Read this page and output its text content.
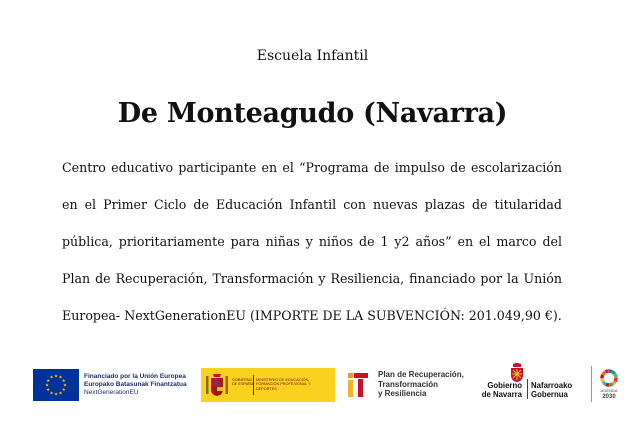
Escuela Infantil
De Monteagudo (Navarra)
Centro educativo participante en el “Programa de impulso de escolarización en el Primer Ciclo de Educación Infantil con nuevas plazas de titularidad pública, prioritariamente para niñas y niños de 1 y2 años” en el marco del Plan de Recuperación, Transformación y Resiliencia, financiado por la Unión Europea- NextGenerationEU (IMPORTE DE LA SUBVENCIÓN: 201.049,90 €).
★ ★
★
★
★
★
★
★
★
★
★
★	Financiado por la Unión Europea
Europako Batasunak Finantzatua
NextGenerationEU
GOBIERNO
DE ESPAÑA
MINISTERIO DE EDUCACIÓN, FORMACIÓN PROFESIONAL Y DEPORTES
Plan de Recuperación,
Transformación
y Resiliencia
Gobierno
de Navarra
Nafarroako
Gobernua	AGENDA
2030
